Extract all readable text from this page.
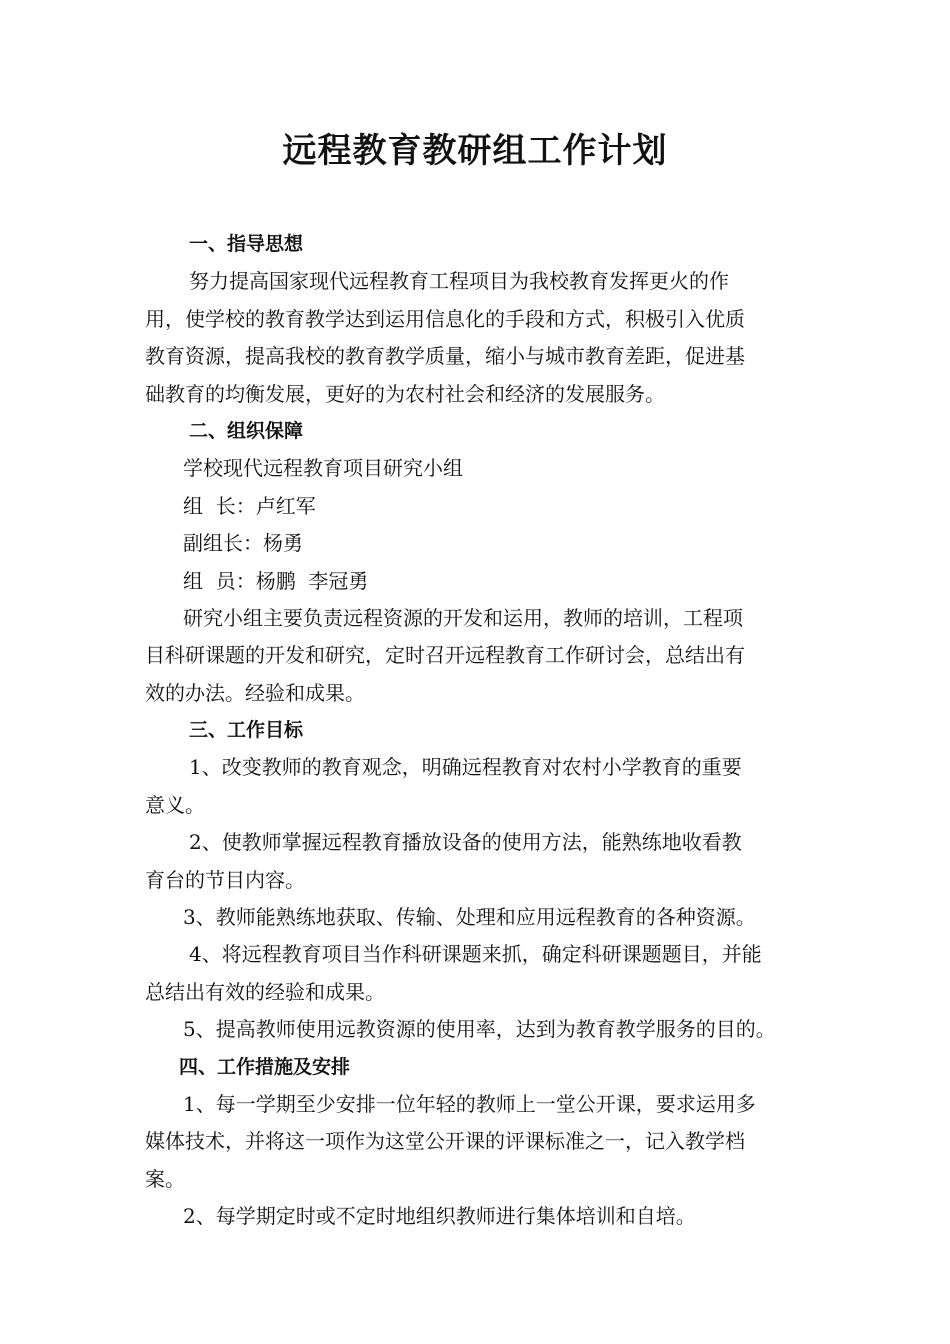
远程教育教研组工作计划
一、指导思想
努力提高国家现代远程教育工程项目为我校教育发挥更火的作
用，使学校的教育教学达到运用信息化的手段和方式，积极引入优质
教育资源，提高我校的教育教学质量，缩小与城市教育差距，促进基
础教育的均衡发展，更好的为农村社会和经济的发展服务。
二、组织保障
学校现代远程教育项目研究小组
组  长：卢红军
副组长：杨勇
组  员：杨鹏  李冠勇
研究小组主要负责远程资源的开发和运用，教师的培训，工程项
目科研课题的开发和研究，定时召开远程教育工作研讨会，总结出有
效的办法。经验和成果。
三、工作目标
1、改变教师的教育观念，明确远程教育对农村小学教育的重要
意义。
2、使教师掌握远程教育播放设备的使用方法，能熟练地收看教
育台的节目内容。
3、教师能熟练地获取、传输、处理和应用远程教育的各种资源。
4、将远程教育项目当作科研课题来抓，确定科研课题题目，并能
总结出有效的经验和成果。
5、提高教师使用远教资源的使用率，达到为教育教学服务的目的。
四、工作措施及安排
1、每一学期至少安排一位年轻的教师上一堂公开课，要求运用多
媒体技术，并将这一项作为这堂公开课的评课标准之一，记入教学档
案。
2、每学期定时或不定时地组织教师进行集体培训和自培。
